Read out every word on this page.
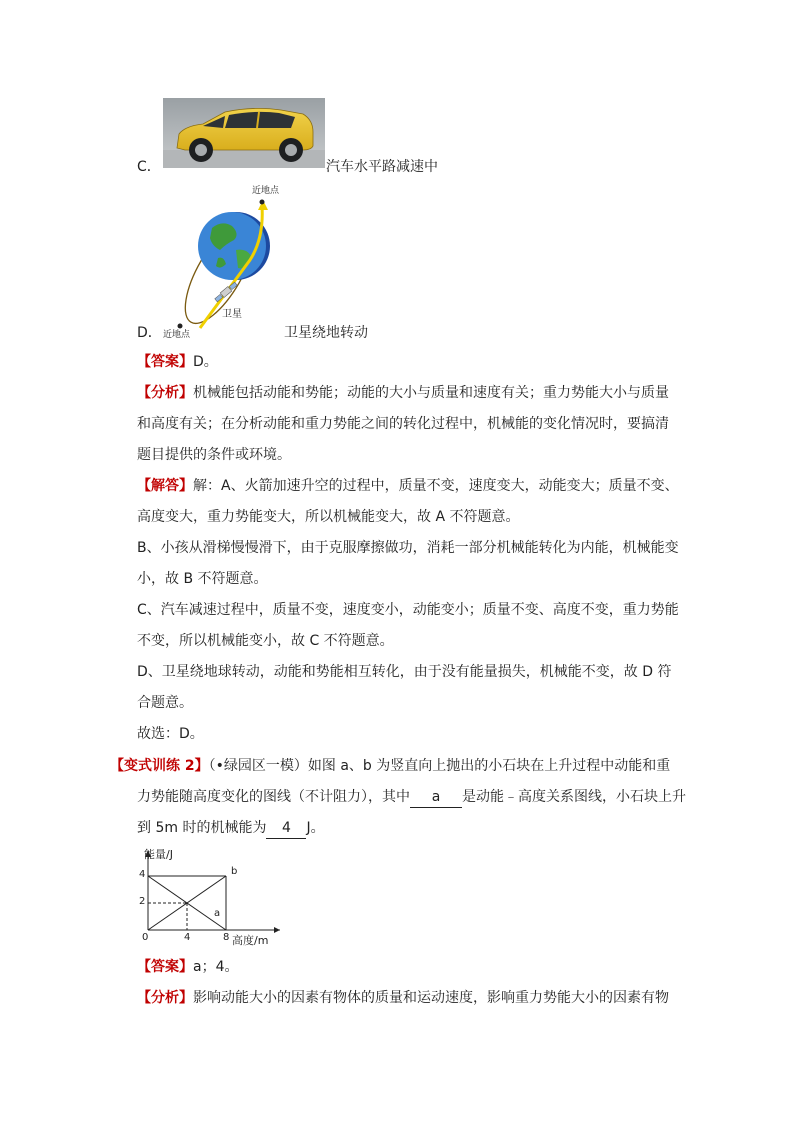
C．	汽车水平路减速中
近地点
卫星
近地点
D．	卫星绕地转动
【答案】D。
【分析】机械能包括动能和势能；动能的大小与质量和速度有关；重力势能大小与质量
和高度有关；在分析动能和重力势能之间的转化过程中，机械能的变化情况时，要搞清
题目提供的条件或环境。
【解答】解：A、火箭加速升空的过程中，质量不变，速度变大，动能变大；质量不变、
高度变大，重力势能变大，所以机械能变大，故 A 不符题意。
B、小孩从滑梯慢慢滑下，由于克服摩擦做功，消耗一部分机械能转化为内能，机械能变
小，故 B 不符题意。
C、汽车减速过程中，质量不变，速度变小，动能变小；质量不变、高度不变，重力势能
不变，所以机械能变小，故 C 不符题意。
D、卫星绕地球转动，动能和势能相互转化，由于没有能量损失，机械能不变，故 D 符
合题意。
故选：D。
【变式训练 2】（•绿园区一模）如图 a、b 为竖直向上抛出的小石块在上升过程中动能和重
力势能随高度变化的图线（不计阻力），其中 a 是动能﹣高度关系图线，小石块上升
到 5m 时的机械能为 4 J。
能量/J
4
2
0	4	8 高度/m
b
a
【答案】a；4。
【分析】影响动能大小的因素有物体的质量和运动速度，影响重力势能大小的因素有物
